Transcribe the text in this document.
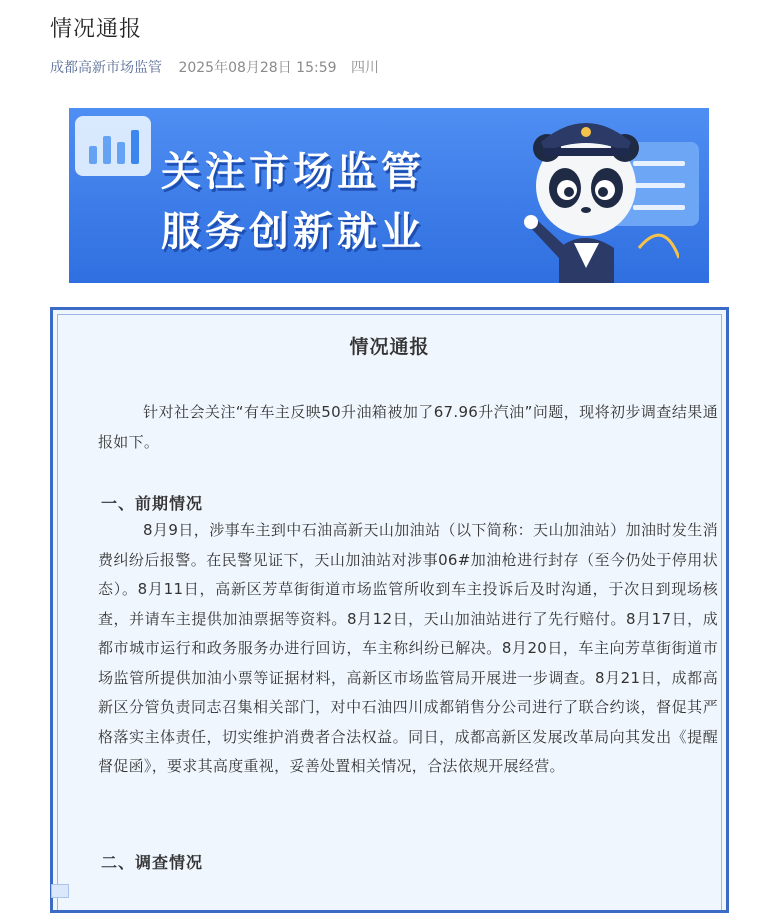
情况通报
成都高新市场监管 2025年08月28日 15:59 四川
关注市场监管
服务创新就业
情况通报
针对社会关注“有车主反映50升油箱被加了67.96升汽油”问题，现将初步调查结果通报如下。
一、前期情况
8月9日，涉事车主到中石油高新天山加油站（以下简称：天山加油站）加油时发生消费纠纷后报警。在民警见证下，天山加油站对涉事06#加油枪进行封存（至今仍处于停用状态）。8月11日，高新区芳草街街道市场监管所收到车主投诉后及时沟通，于次日到现场核查，并请车主提供加油票据等资料。8月12日，天山加油站进行了先行赔付。8月17日，成都市城市运行和政务服务办进行回访，车主称纠纷已解决。8月20日，车主向芳草街街道市场监管所提供加油小票等证据材料，高新区市场监管局开展进一步调查。8月21日，成都高新区分管负责同志召集相关部门，对中石油四川成都销售分公司进行了联合约谈，督促其严格落实主体责任，切实维护消费者合法权益。同日，成都高新区发展改革局向其发出《提醒督促函》，要求其高度重视，妥善处置相关情况，合法依规开展经营。
二、调查情况
